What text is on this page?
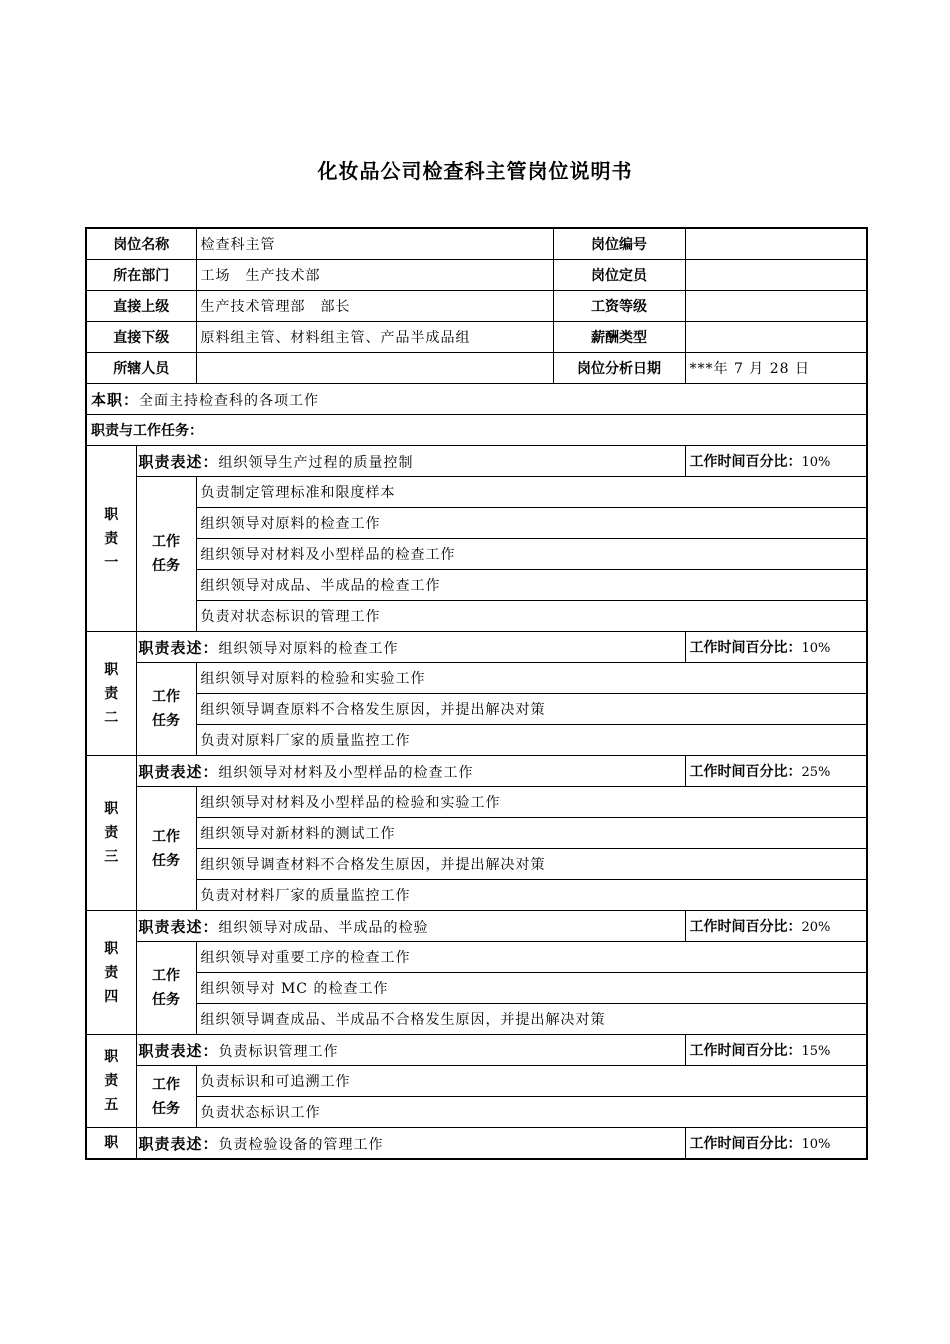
化妆品公司检查科主管岗位说明书
岗位名称		检查科主管	岗位编号	
所在部门		工场　生产技术部	岗位定员	
直接上级		生产技术管理部　部长	工资等级	
直接下级		原料组主管、材料组主管、产品半成品组	薪酬类型	
所辖人员			岗位分析日期	***年 7 月 28 日
本职：全面主持检查科的各项工作				
职责与工作任务：				
职责一	职责表述：组织领导生产过程的质量控制			工作时间百分比：10%
	工作任务	负责制定管理标准和限度样本		
		组织领导对原料的检查工作		
		组织领导对材料及小型样品的检查工作		
		组织领导对成品、半成品的检查工作		
		负责对状态标识的管理工作		
职责二	职责表述：组织领导对原料的检查工作			工作时间百分比：10%
	工作任务	组织领导对原料的检验和实验工作		
		组织领导调查原料不合格发生原因，并提出解决对策		
		负责对原料厂家的质量监控工作		
职责三	职责表述：组织领导对材料及小型样品的检查工作			工作时间百分比：25%
	工作任务	组织领导对材料及小型样品的检验和实验工作		
		组织领导对新材料的测试工作		
		组织领导调查材料不合格发生原因，并提出解决对策		
		负责对材料厂家的质量监控工作		
职责四	职责表述：组织领导对成品、半成品的检验			工作时间百分比：20%
	工作任务	组织领导对重要工序的检查工作		
		组织领导对 MC 的检查工作		
		组织领导调查成品、半成品不合格发生原因，并提出解决对策		
职责五	职责表述：负责标识管理工作			工作时间百分比：15%
	工作任务	负责标识和可追溯工作		
		负责状态标识工作		
职	职责表述：负责检验设备的管理工作			工作时间百分比：10%
